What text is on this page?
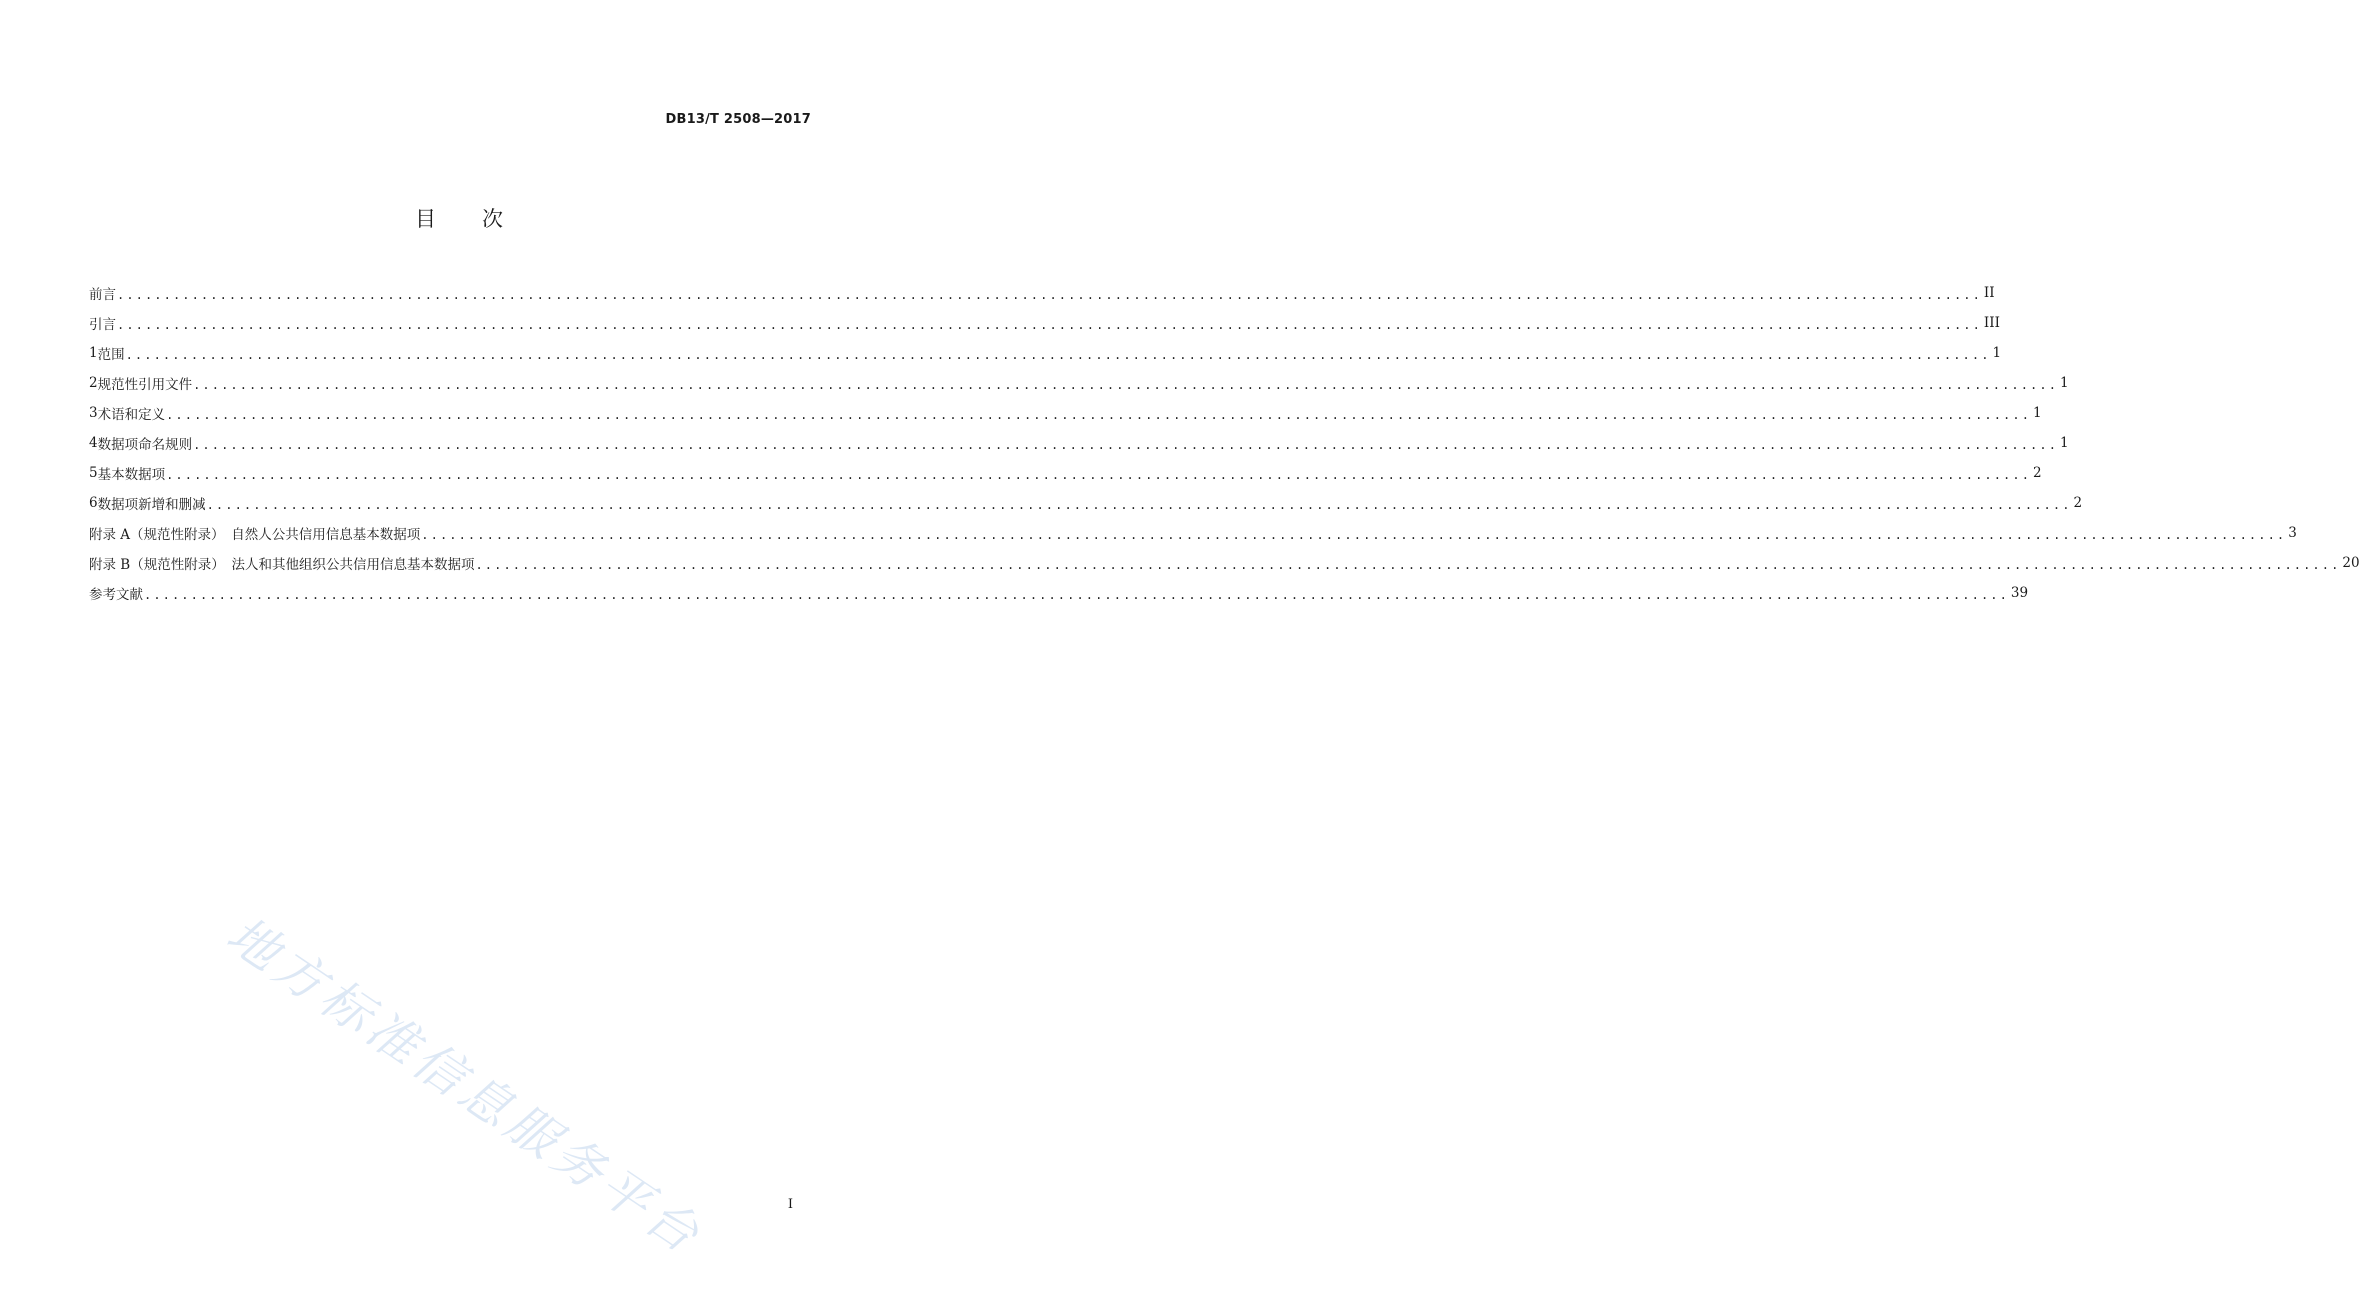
DB13/T 2508—2017
目 次
前言 ........................................................................................................................................................................................................ II
引言 ........................................................................................................................................................................................................ III
1 范围 ........................................................................................................................................................................................................ 1
2 规范性引用文件 ........................................................................................................................................................................................................ 1
3 术语和定义 ........................................................................................................................................................................................................ 1
4 数据项命名规则 ........................................................................................................................................................................................................ 1
5 基本数据项 ........................................................................................................................................................................................................ 2
6 数据项新增和删减 ........................................................................................................................................................................................................ 2
附录 A（规范性附录）　自然人公共信用信息基本数据项 ........................................................................................................................................................................................................ 3
附录 B（规范性附录）　法人和其他组织公共信用信息基本数据项 ........................................................................................................................................................................................................ 20
参考文献 ........................................................................................................................................................................................................ 39
地方标准信息服务平台	I
